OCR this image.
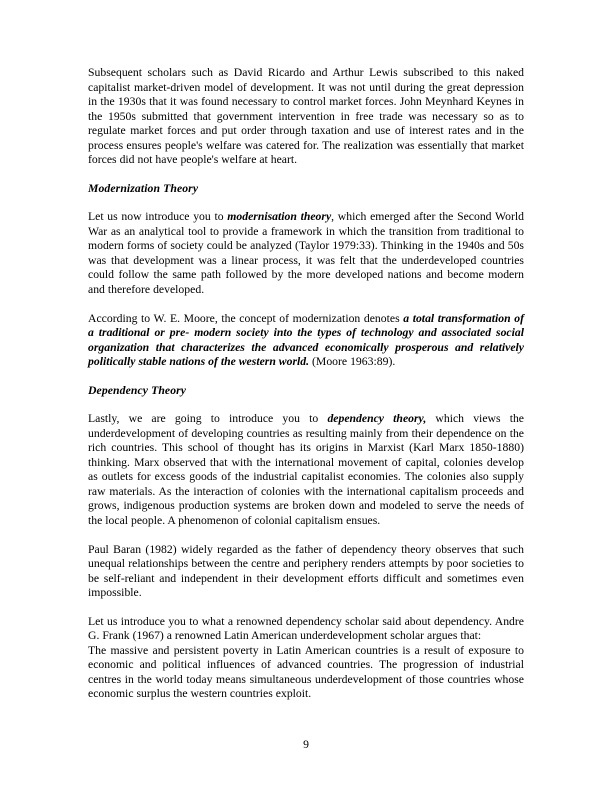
Subsequent scholars such as David Ricardo and Arthur Lewis subscribed to this naked capitalist market-driven model of development. It was not until during the great depression in the 1930s that it was found necessary to control market forces. John Meynhard Keynes in the 1950s submitted that government intervention in free trade was necessary so as to regulate market forces and put order through taxation and use of interest rates and in the process ensures people's welfare was catered for. The realization was essentially that market forces did not have people's welfare at heart.

Modernization Theory

Let us now introduce you to modernisation theory, which emerged after the Second World War as an analytical tool to provide a framework in which the transition from traditional to modern forms of society could be analyzed (Taylor 1979:33). Thinking in the 1940s and 50s was that development was a linear process, it was felt that the underdeveloped countries could follow the same path followed by the more developed nations and become modern and therefore developed.

According to W. E. Moore, the concept of modernization denotes a total transformation of a traditional or pre- modern society into the types of technology and associated social organization that characterizes the advanced economically prosperous and relatively politically stable nations of the western world. (Moore 1963:89).

Dependency Theory

Lastly, we are going to introduce you to dependency theory, which views the underdevelopment of developing countries as resulting mainly from their dependence on the rich countries. This school of thought has its origins in Marxist (Karl Marx 1850-1880) thinking. Marx observed that with the international movement of capital, colonies develop as outlets for excess goods of the industrial capitalist economies. The colonies also supply raw materials. As the interaction of colonies with the international capitalism proceeds and grows, indigenous production systems are broken down and modeled to serve the needs of the local people. A phenomenon of colonial capitalism ensues.

Paul Baran (1982) widely regarded as the father of dependency theory observes that such unequal relationships between the centre and periphery renders attempts by poor societies to be self-reliant and independent in their development efforts difficult and sometimes even impossible.

Let us introduce you to what a renowned dependency scholar said about dependency. Andre G. Frank (1967) a renowned Latin American underdevelopment scholar argues that:

The massive and persistent poverty in Latin American countries is a result of exposure to economic and political influences of advanced countries. The progression of industrial centres in the world today means simultaneous underdevelopment of those countries whose economic surplus the western countries exploit.

9
